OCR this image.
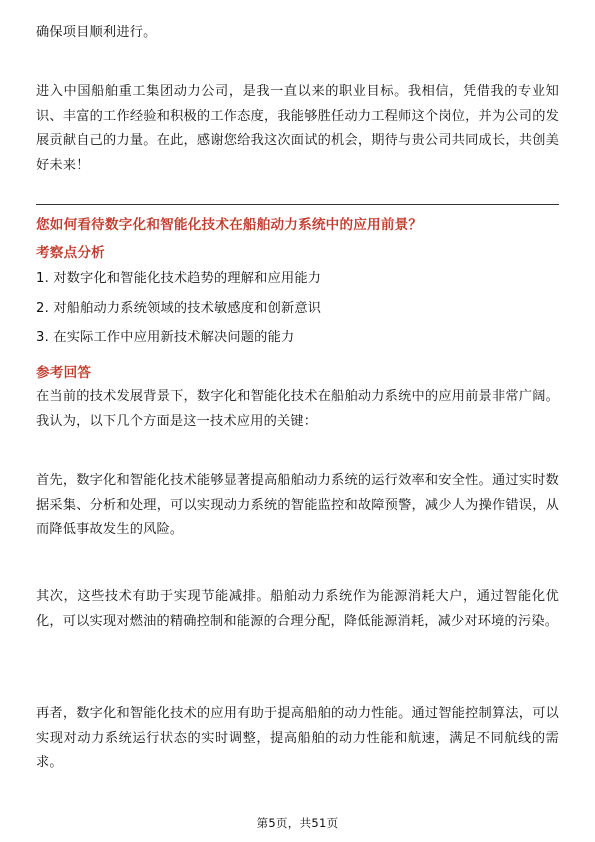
确保项目顺利进行。

进入中国船舶重工集团动力公司，是我一直以来的职业目标。我相信，凭借我的专业知识、丰富的工作经验和积极的工作态度，我能够胜任动力工程师这个岗位，并为公司的发展贡献自己的力量。在此，感谢您给我这次面试的机会，期待与贵公司共同成长，共创美好未来！

您如何看待数字化和智能化技术在船舶动力系统中的应用前景？
考察点分析
1. 对数字化和智能化技术趋势的理解和应用能力
2. 对船舶动力系统领域的技术敏感度和创新意识
3. 在实际工作中应用新技术解决问题的能力
参考回答

在当前的技术发展背景下，数字化和智能化技术在船舶动力系统中的应用前景非常广阔。我认为，以下几个方面是这一技术应用的关键：

首先，数字化和智能化技术能够显著提高船舶动力系统的运行效率和安全性。通过实时数据采集、分析和处理，可以实现动力系统的智能监控和故障预警，减少人为操作错误，从而降低事故发生的风险。

其次，这些技术有助于实现节能减排。船舶动力系统作为能源消耗大户，通过智能化优化，可以实现对燃油的精确控制和能源的合理分配，降低能源消耗，减少对环境的污染。

再者，数字化和智能化技术的应用有助于提高船舶的动力性能。通过智能控制算法，可以实现对动力系统运行状态的实时调整，提高船舶的动力性能和航速，满足不同航线的需求。

第5页，共51页
